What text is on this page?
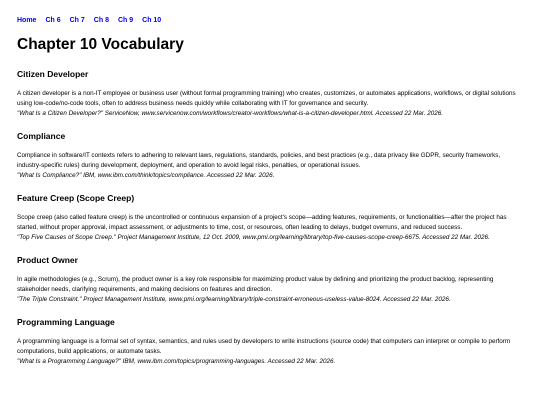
Home Ch 6 Ch 7 Ch 8 Ch 9 Ch 10
Chapter 10 Vocabulary
Citizen Developer

A citizen developer is a non-IT employee or business user (without formal programming training) who creates, customizes, or automates applications, workflows, or digital solutions using low-code/no-code tools, often to address business needs quickly while collaborating with IT for governance and security.

"What Is a Citizen Developer?" ServiceNow, www.servicenow.com/workflows/creator-workflows/what-is-a-citizen-developer.html. Accessed 22 Mar. 2026.

Compliance

Compliance in software/IT contexts refers to adhering to relevant laws, regulations, standards, policies, and best practices (e.g., data privacy like GDPR, security frameworks, industry-specific rules) during development, deployment, and operation to avoid legal risks, penalties, or operational issues.

"What Is Compliance?" IBM, www.ibm.com/think/topics/compliance. Accessed 22 Mar. 2026.

Feature Creep (Scope Creep)

Scope creep (also called feature creep) is the uncontrolled or continuous expansion of a project's scope—adding features, requirements, or functionalities—after the project has started, without proper approval, impact assessment, or adjustments to time, cost, or resources, often leading to delays, budget overruns, and reduced success.

"Top Five Causes of Scope Creep." Project Management Institute, 12 Oct. 2009, www.pmi.org/learning/library/top-five-causes-scope-creep-6675. Accessed 22 Mar. 2026.

Product Owner

In agile methodologies (e.g., Scrum), the product owner is a key role responsible for maximizing product value by defining and prioritizing the product backlog, representing stakeholder needs, clarifying requirements, and making decisions on features and direction.

"The Triple Constraint." Project Management Institute, www.pmi.org/learning/library/triple-constraint-erroneous-useless-value-8024. Accessed 22 Mar. 2026.

Programming Language

A programming language is a formal set of syntax, semantics, and rules used by developers to write instructions (source code) that computers can interpret or compile to perform computations, build applications, or automate tasks.

"What Is a Programming Language?" IBM, www.ibm.com/topics/programming-languages. Accessed 22 Mar. 2026.
